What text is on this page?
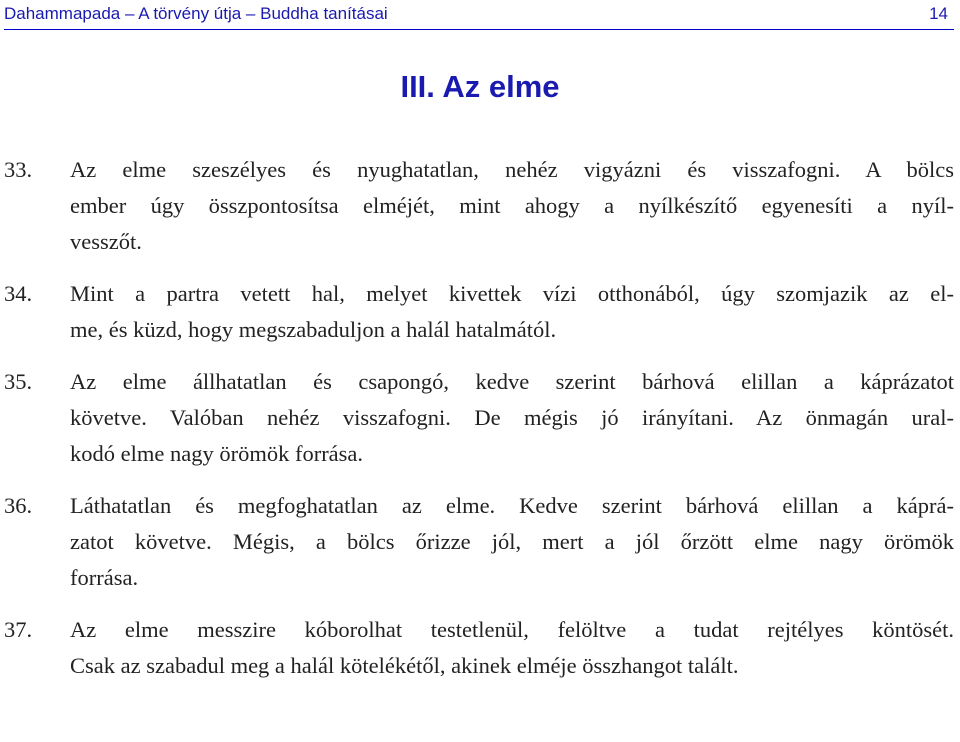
Dahammapada – A törvény útja – Buddha tanításai	14
III. Az elme
33.	Az elme szeszélyes és nyughatatlan, nehéz vigyázni és visszafogni. A bölcs
ember úgy összpontosítsa elméjét, mint ahogy a nyílkészítő egyenesíti a nyíl-
vesszőt.
34.	Mint a partra vetett hal, melyet kivettek vízi otthonából, úgy szomjazik az el-
me, és küzd, hogy megszabaduljon a halál hatalmától.
35.	Az elme állhatatlan és csapongó, kedve szerint bárhová elillan a káprázatot
követve. Valóban nehéz visszafogni. De mégis jó irányítani. Az önmagán ural-
kodó elme nagy örömök forrása.
36.	Láthatatlan és megfoghatatlan az elme. Kedve szerint bárhová elillan a káprá-
zatot követve. Mégis, a bölcs őrizze jól, mert a jól őrzött elme nagy örömök
forrása.
37.	Az elme messzire kóborolhat testetlenül, felöltve a tudat rejtélyes köntösét.
Csak az szabadul meg a halál kötelékétől, akinek elméje összhangot talált.
